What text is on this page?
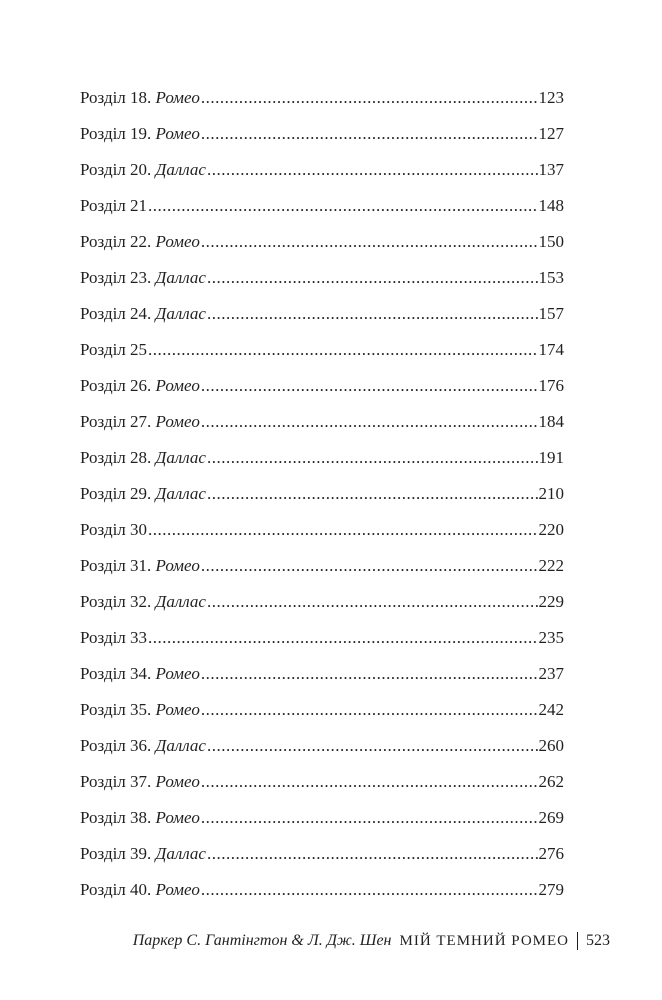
Розділ 18. Ромео .....	123
Розділ 19. Ромео .....	127
Розділ 20. Даллас .....	137
Розділ 21 .....	148
Розділ 22. Ромео .....	150
Розділ 23. Даллас .....	153
Розділ 24. Даллас .....	157
Розділ 25 .....	174
Розділ 26. Ромео .....	176
Розділ 27. Ромео .....	184
Розділ 28. Даллас .....	191
Розділ 29. Даллас .....	210
Розділ 30 .....	220
Розділ 31. Ромео .....	222
Розділ 32. Даллас .....	229
Розділ 33 .....	235
Розділ 34. Ромео .....	237
Розділ 35. Ромео .....	242
Розділ 36. Даллас .....	260
Розділ 37. Ромео .....	262
Розділ 38. Ромео .....	269
Розділ 39. Даллас .....	276
Розділ 40. Ромео .....	279
Паркер С. Гантінгтон & Л. Дж. Шен МІЙ ТЕМНИЙ РОМЕО 523
